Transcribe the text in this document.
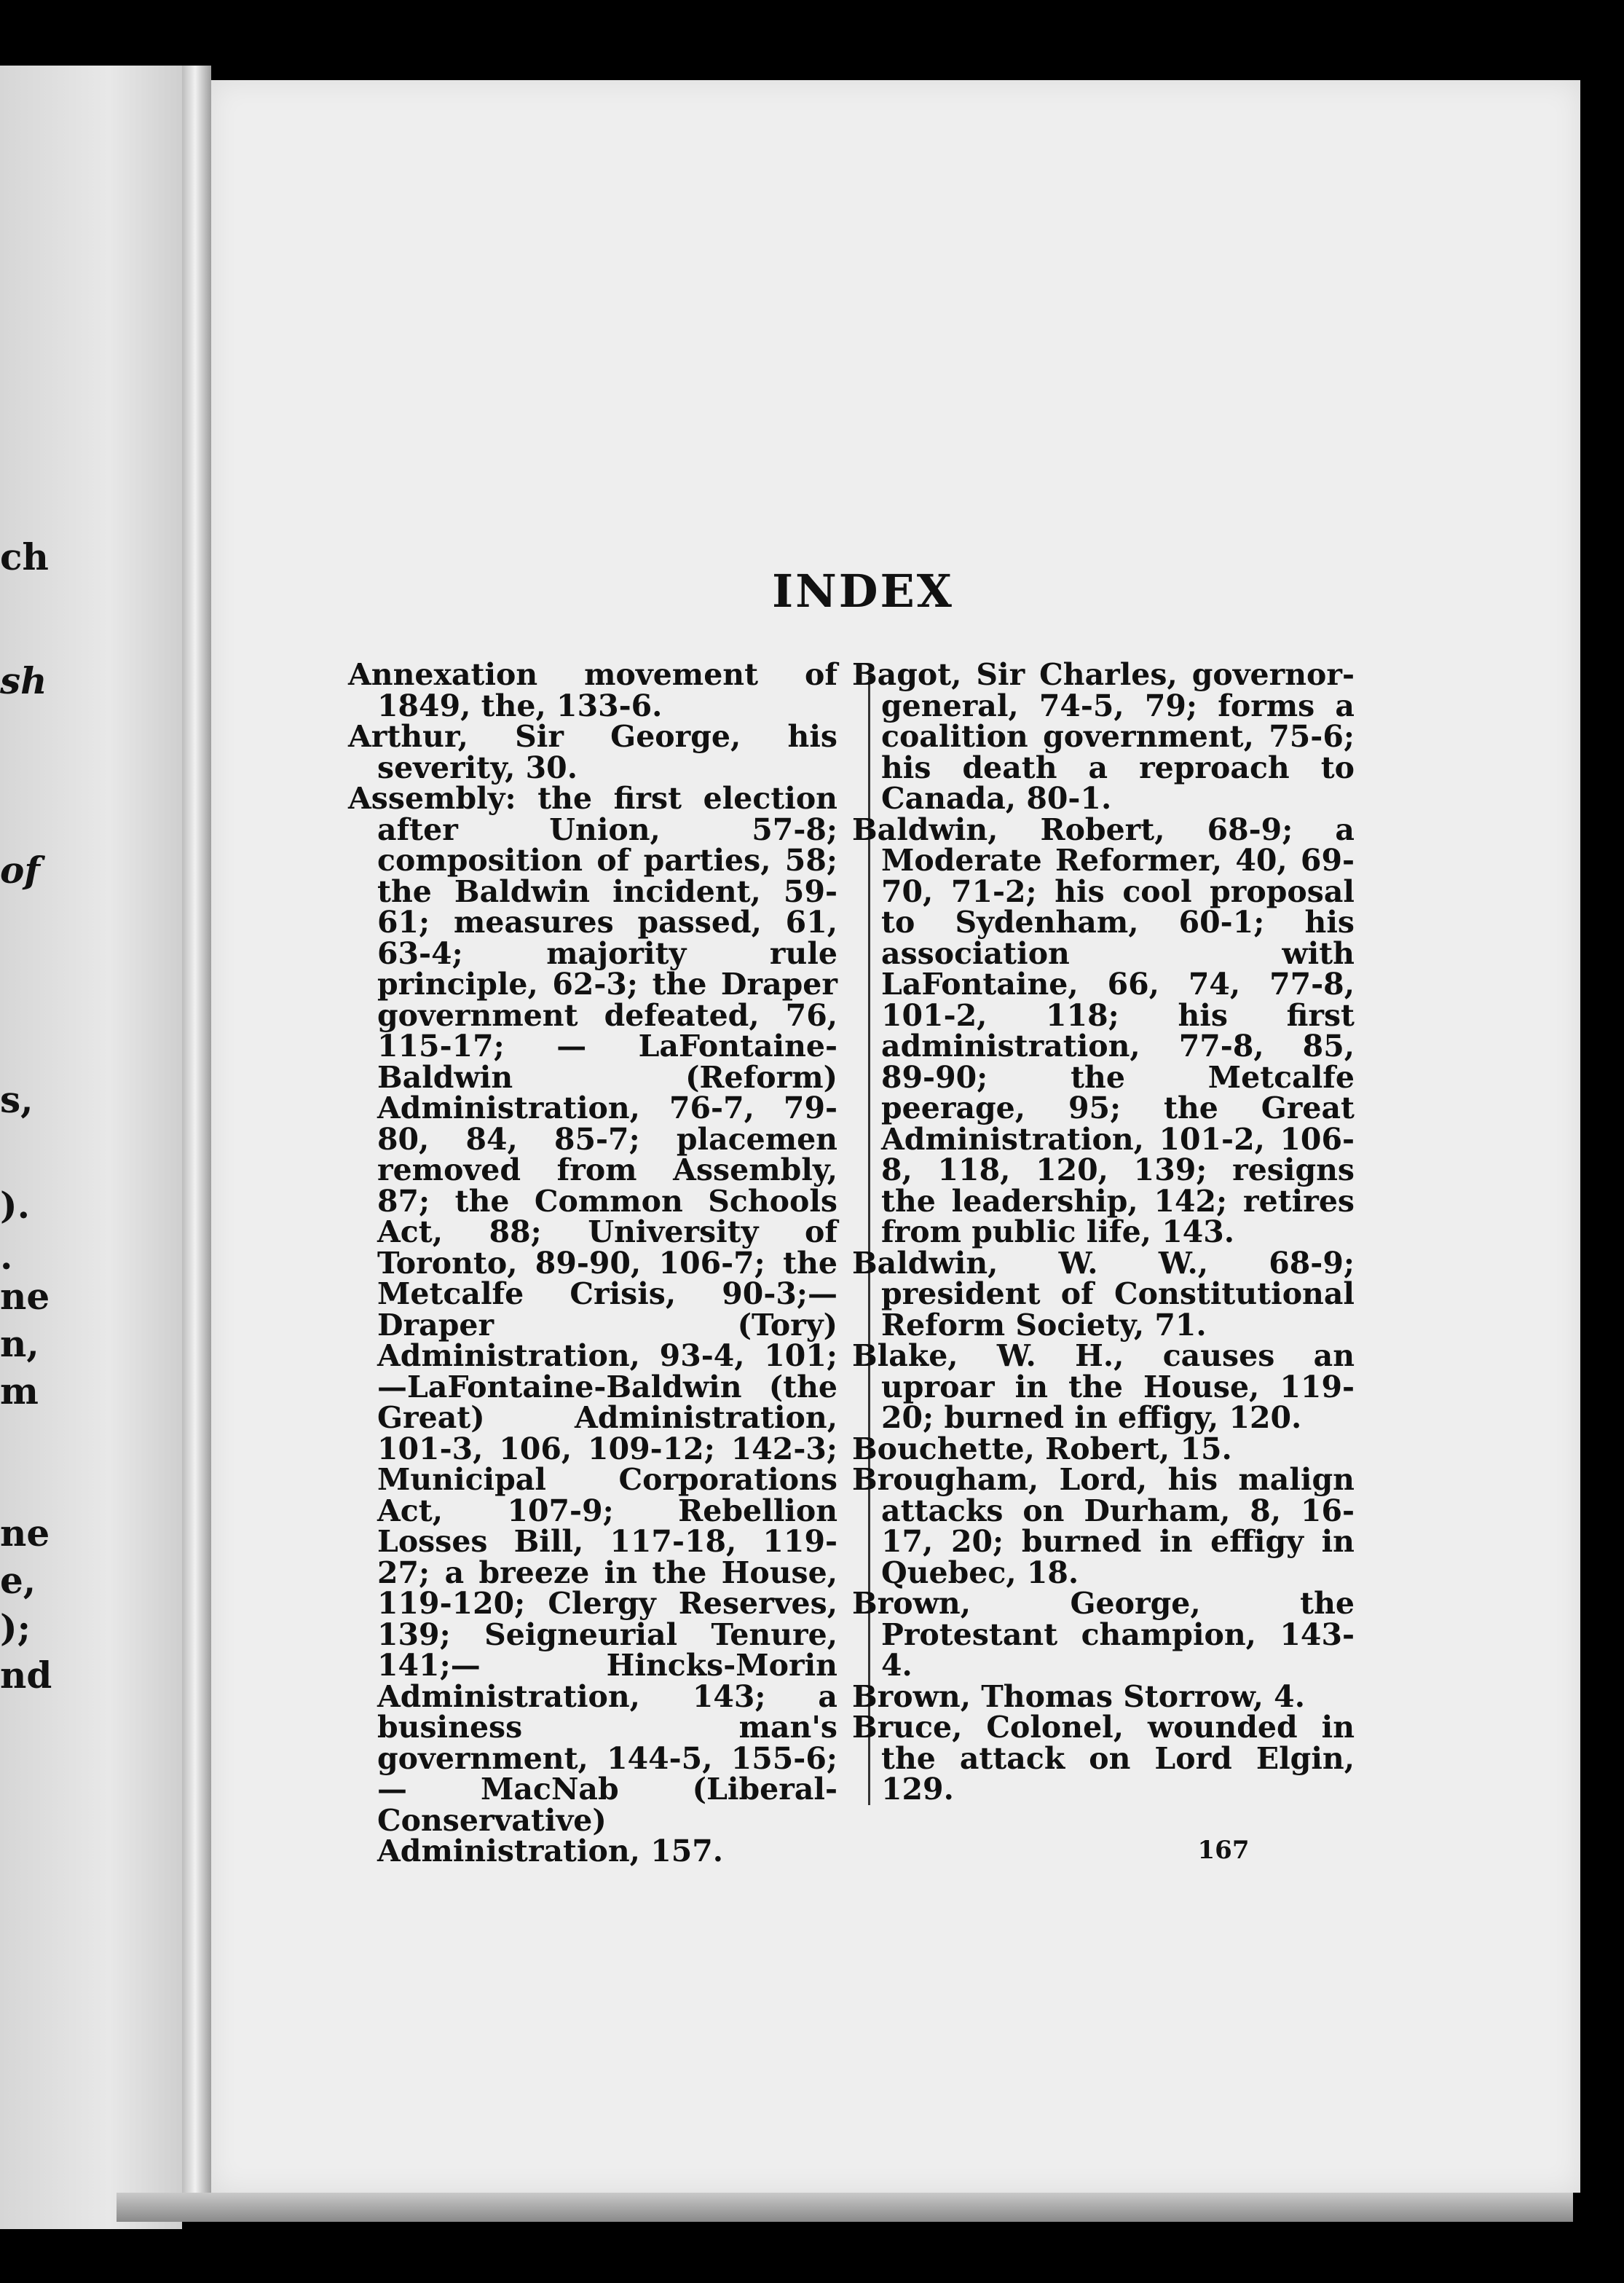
ch
sh
of
s,
).
.
ne
n,
m
ne
e,
);
nd
INDEX

Annexation movement of 1849, the, 133-6.

Arthur, Sir George, his severity, 30.

Assembly: the first election after Union, 57-8; composition of parties, 58; the Baldwin incident, 59-61; measures passed, 61, 63-4; majority rule principle, 62-3; the Draper government defeated, 76, 115-17; — LaFontaine-Baldwin (Reform) Administration, 76-7, 79-80, 84, 85-7; placemen removed from Assembly, 87; the Common Schools Act, 88; University of Toronto, 89-90, 106-7; the Metcalfe Crisis, 90-3;— Draper (Tory) Administration, 93-4, 101;—LaFontaine-Baldwin (the Great) Administration, 101-3, 106, 109-12; 142-3; Municipal Corporations Act, 107-9; Rebellion Losses Bill, 117-18, 119-27; a breeze in the House, 119-120; Clergy Reserves, 139; Seigneurial Tenure, 141;— Hincks-Morin Administration, 143; a business man's government, 144-5, 155-6;— MacNab (Liberal-Conservative) Administration, 157.

Bagot, Sir Charles, governor-general, 74-5, 79; forms a coalition government, 75-6; his death a reproach to Canada, 80-1.

Baldwin, Robert, 68-9; a Moderate Reformer, 40, 69-70, 71-2; his cool proposal to Sydenham, 60-1; his association with LaFontaine, 66, 74, 77-8, 101-2, 118; his first administration, 77-8, 85, 89-90; the Metcalfe peerage, 95; the Great Administration, 101-2, 106-8, 118, 120, 139; resigns the leadership, 142; retires from public life, 143.

Baldwin, W. W., 68-9; president of Constitutional Reform Society, 71.

Blake, W. H., causes an uproar in the House, 119-20; burned in effigy, 120.

Bouchette, Robert, 15.

Brougham, Lord, his malign attacks on Durham, 8, 16-17, 20; burned in effigy in Quebec, 18.

Brown, George, the Protestant champion, 143-4.

Brown, Thomas Storrow, 4.

Bruce, Colonel, wounded in the attack on Lord Elgin, 129.

167
